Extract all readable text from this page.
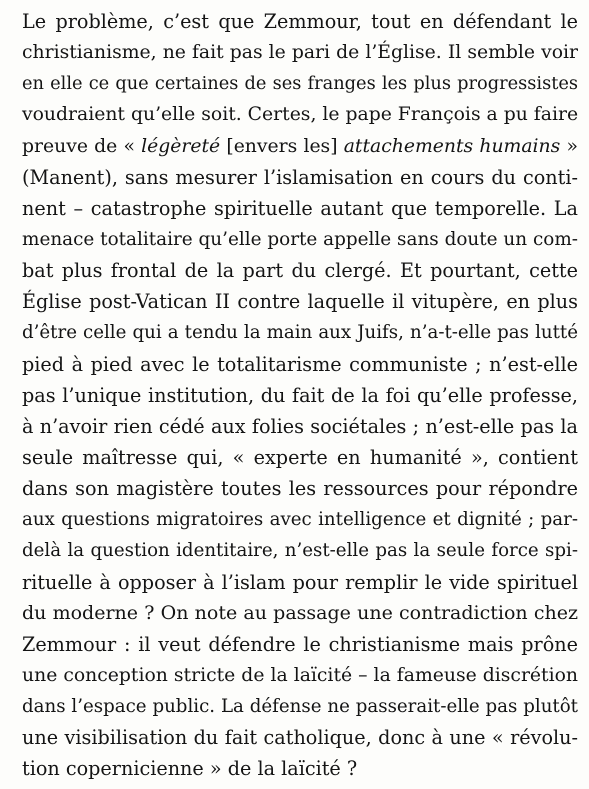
Le problème, c’est que Zemmour, tout en défendant le
christianisme, ne fait pas le pari de l’Église. Il semble voir
en elle ce que certaines de ses franges les plus progressistes
voudraient qu’elle soit. Certes, le pape François a pu faire
preuve de « légèreté [envers les] attachements humains »
(Manent), sans mesurer l’islamisation en cours du conti-
nent – catastrophe spirituelle autant que temporelle. La
menace totalitaire qu’elle porte appelle sans doute un com-
bat plus frontal de la part du clergé. Et pourtant, cette
Église post-Vatican II contre laquelle il vitupère, en plus
d’être celle qui a tendu la main aux Juifs, n’a-t-elle pas lutté
pied à pied avec le totalitarisme communiste ; n’est-elle
pas l’unique institution, du fait de la foi qu’elle professe,
à n’avoir rien cédé aux folies sociétales ; n’est-elle pas la
seule maîtresse qui, « experte en humanité », contient
dans son magistère toutes les ressources pour répondre
aux questions migratoires avec intelligence et dignité ; par-
delà la question identitaire, n’est-elle pas la seule force spi-
rituelle à opposer à l’islam pour remplir le vide spirituel
du moderne ? On note au passage une contradiction chez
Zemmour : il veut défendre le christianisme mais prône
une conception stricte de la laïcité – la fameuse discrétion
dans l’espace public. La défense ne passerait-elle pas plutôt
une visibilisation du fait catholique, donc à une « révolu-
tion copernicienne » de la laïcité ?
